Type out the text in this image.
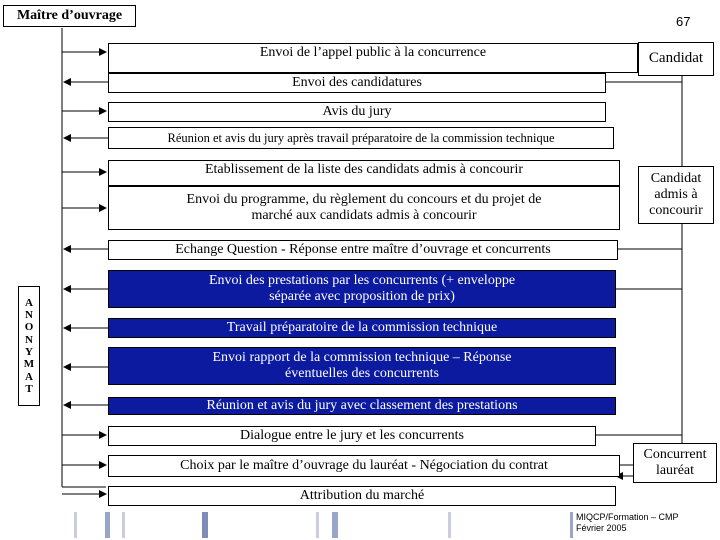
Maître d’ouvrage	67
Candidat
Candidat admis à concourir
Concurrent lauréat
A
N
O
N
Y
M
A
T
Envoi de l’appel public à la concurrence
Envoi des candidatures
Avis du jury
Réunion et avis du jury après travail préparatoire de la commission technique
Etablissement de la liste des candidats admis à concourir
Envoi du programme, du règlement du concours et du projet de marché aux candidats admis à concourir
Echange Question - Réponse entre maître d’ouvrage et concurrents
Envoi des prestations par les concurrents (+ enveloppe séparée avec proposition de prix)
Travail préparatoire de la commission technique
Envoi rapport de la commission technique – Réponse éventuelles des concurrents
Réunion et avis du jury avec classement des prestations
Dialogue entre le jury et les concurrents
Choix par le maître d’ouvrage du lauréat - Négociation du contrat
Attribution du marché
MIQCP/Formation – CMP
Février 2005
